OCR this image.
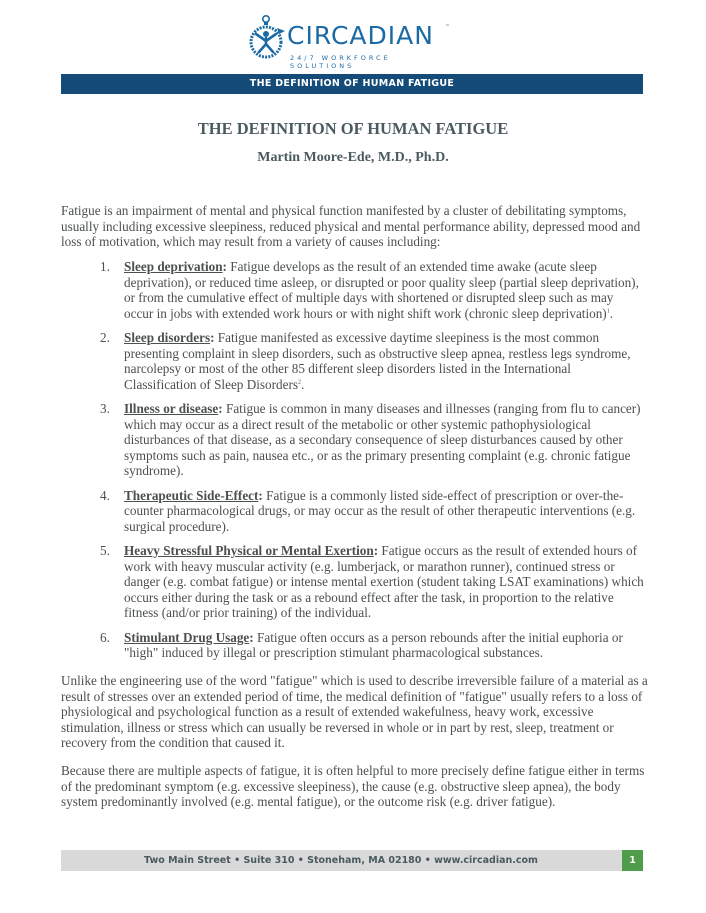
CIRCADIAN ™
24/7 WORKFORCE SOLUTIONS
THE DEFINITION OF HUMAN FATIGUE
THE DEFINITION OF HUMAN FATIGUE
Martin Moore-Ede, M.D., Ph.D.

Fatigue is an impairment of mental and physical function manifested by a cluster of debilitating symptoms, usually including excessive sleepiness, reduced physical and mental performance ability, depressed mood and loss of motivation, which may result from a variety of causes including:

1. Sleep deprivation: Fatigue develops as the result of an extended time awake (acute sleep deprivation), or reduced time asleep, or disrupted or poor quality sleep (partial sleep deprivation), or from the cumulative effect of multiple days with shortened or disrupted sleep such as may occur in jobs with extended work hours or with night shift work (chronic sleep deprivation)$^1$.
2. Sleep disorders: Fatigue manifested as excessive daytime sleepiness is the most common presenting complaint in sleep disorders, such as obstructive sleep apnea, restless legs syndrome, narcolepsy or most of the other 85 different sleep disorders listed in the International Classification of Sleep Disorders$^2$.
3. Illness or disease: Fatigue is common in many diseases and illnesses (ranging from flu to cancer) which may occur as a direct result of the metabolic or other systemic pathophysiological disturbances of that disease, as a secondary consequence of sleep disturbances caused by other symptoms such as pain, nausea etc., or as the primary presenting complaint (e.g. chronic fatigue syndrome).
4. Therapeutic Side-Effect: Fatigue is a commonly listed side-effect of prescription or over-the-counter pharmacological drugs, or may occur as the result of other therapeutic interventions (e.g. surgical procedure).
5. Heavy Stressful Physical or Mental Exertion: Fatigue occurs as the result of extended hours of work with heavy muscular activity (e.g. lumberjack, or marathon runner), continued stress or danger (e.g. combat fatigue) or intense mental exertion (student taking LSAT examinations) which occurs either during the task or as a rebound effect after the task, in proportion to the relative fitness (and/or prior training) of the individual.
6. Stimulant Drug Usage: Fatigue often occurs as a person rebounds after the initial euphoria or "high" induced by illegal or prescription stimulant pharmacological substances.

Unlike the engineering use of the word "fatigue" which is used to describe irreversible failure of a material as a result of stresses over an extended period of time, the medical definition of "fatigue" usually refers to a loss of physiological and psychological function as a result of extended wakefulness, heavy work, excessive stimulation, illness or stress which can usually be reversed in whole or in part by rest, sleep, treatment or recovery from the condition that caused it.

Because there are multiple aspects of fatigue, it is often helpful to more precisely define fatigue either in terms of the predominant symptom (e.g. excessive sleepiness), the cause (e.g. obstructive sleep apnea), the body system predominantly involved (e.g. mental fatigue), or the outcome risk (e.g. driver fatigue).

Two Main Street • Suite 310 • Stoneham, MA 02180 • www.circadian.com	1
